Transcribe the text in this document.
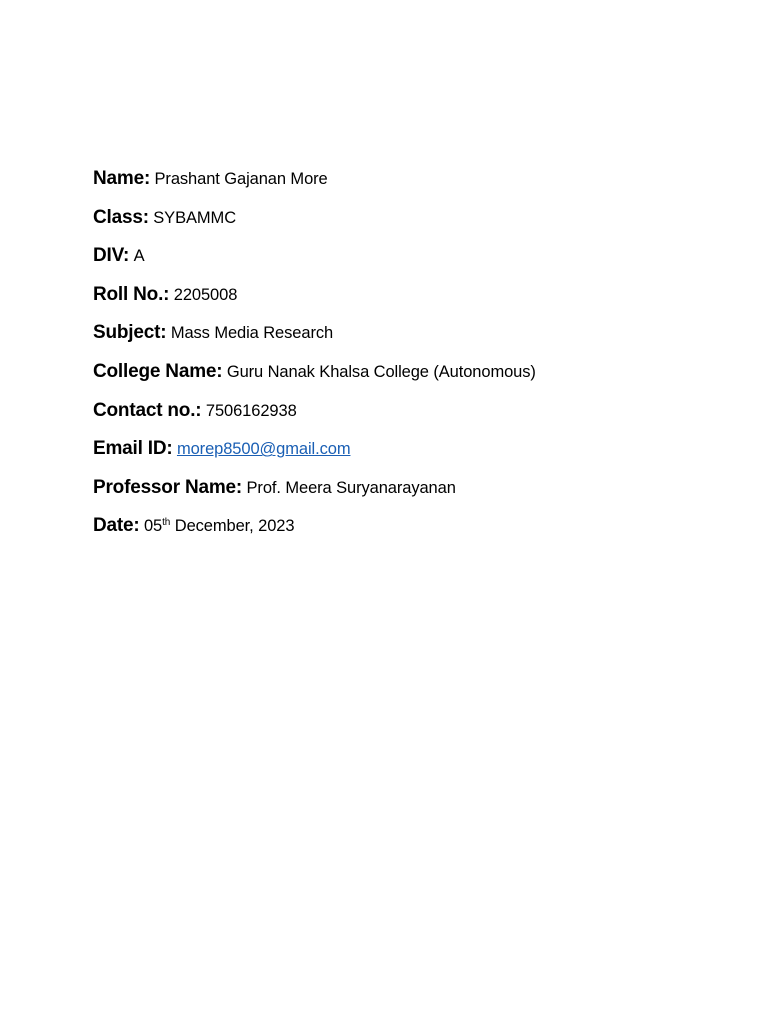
Name: Prashant Gajanan More
Class: SYBAMMC
DIV: A
Roll No.: 2205008
Subject: Mass Media Research
College Name: Guru Nanak Khalsa College (Autonomous)
Contact no.: 7506162938
Email ID: morep8500@gmail.com
Professor Name: Prof. Meera Suryanarayanan
Date: 05th December, 2023
